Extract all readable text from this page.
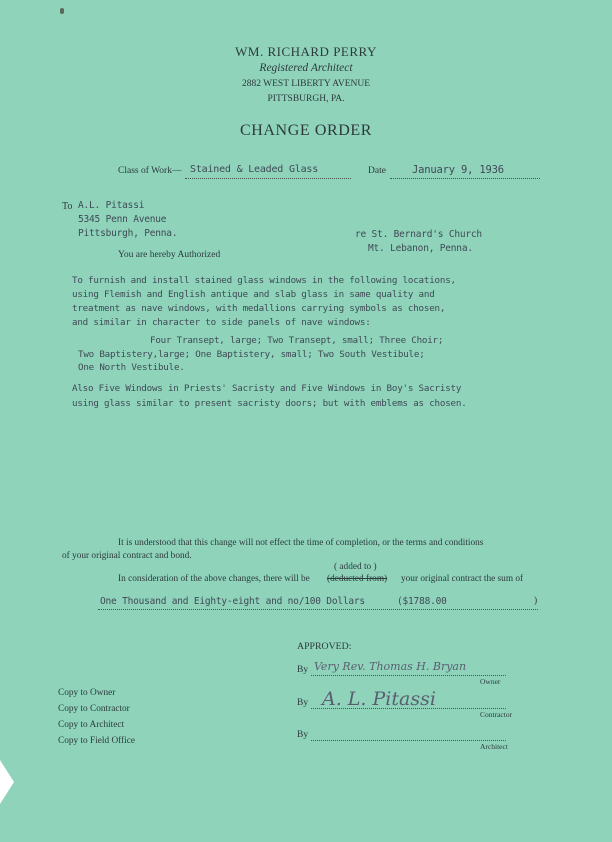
WM. RICHARD PERRY
Registered Architect
2882 WEST LIBERTY AVENUE
PITTSBURGH, PA.
CHANGE ORDER
Class of Work— Stained & Leaded Glass	Date January 9, 1936
To A.L. Pitassi
5345 Penn Avenue
Pittsburgh, Penna.	re St. Bernard's Church
Mt. Lebanon, Penna.
You are hereby Authorized
To furnish and install stained glass windows in the following locations,
using Flemish and English antique and slab glass in same quality and
treatment as nave windows, with medallions carrying symbols as chosen,
and similar in character to side panels of nave windows:
Four Transept, large; Two Transept, small; Three Choir;
Two Baptistery,large; One Baptistery, small; Two South Vestibule;
One North Vestibule.
Also Five Windows in Priests' Sacristy and Five Windows in Boy's Sacristy
using glass similar to present sacristy doors; but with emblems as chosen.
It is understood that this change will not effect the time of completion, or the terms and conditions
of your original contract and bond.
( added to )
In consideration of the above changes, there will be (deducted from) your original contract the sum of
One Thousand and Eighty-eight and no/100 Dollars	($1788.00	)
APPROVED:
By Very Rev. Thomas H. Bryan
Owner
By A. L. Pitassi
Contractor
By
Architect
Copy to Owner
Copy to Contractor
Copy to Architect
Copy to Field Office
